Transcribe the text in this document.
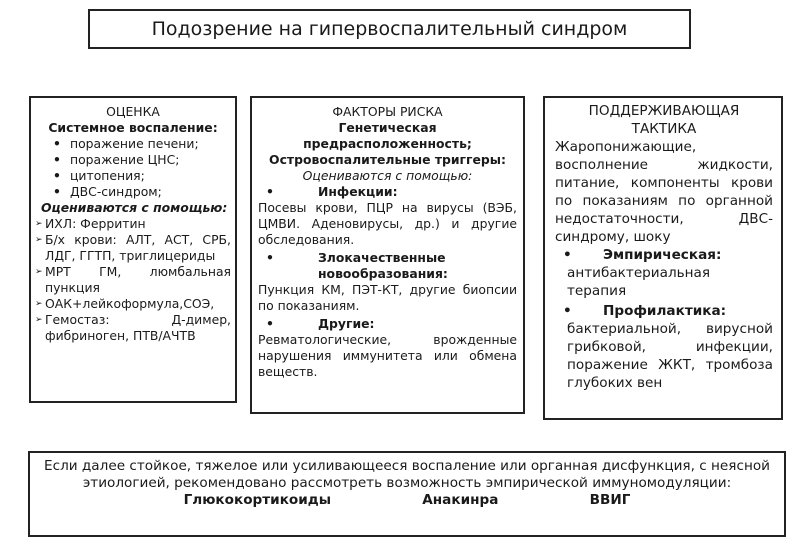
Подозрение на гипервоспалительный синдром
ОЦЕНКА
Системное воспаление:
• поражение печени;
• поражение ЦНС;
• цитопения;
• ДВС-синдром;
Оцениваются с помощью:
➢ ИХЛ: Ферритин
➢ Б/х крови: АЛТ, АСТ, СРБ, ЛДГ, ГГТП, триглицериды
➢ МРТ ГМ, люмбальная пункция
➢ ОАК+лейкоформула,СОЭ,
➢ Гемостаз: Д-димер, фибриноген, ПТВ/АЧТВ
ФАКТОРЫ РИСКА
Генетическая предрасположенность;
Островоспалительные триггеры:
Оцениваются с помощью:
• Инфекции:
Посевы крови, ПЦР на вирусы (ВЭБ, ЦМВИ. Аденовирусы, др.) и другие обследования.
• Злокачественные новообразования:
Пункция КМ, ПЭТ-КТ, другие биопсии по показаниям.
• Другие:
Ревматологические, врожденные нарушения иммунитета или обмена веществ.
ПОДДЕРЖИВАЮЩАЯ ТАКТИКА
Жаропонижающие, восполнение жидкости, питание, компоненты крови по показаниям по органной недостаточности, ДВС-синдрому, шоку
• Эмпирическая:
антибактериальная терапия
• Профилактика:
бактериальной, вирусной грибковой, инфекции, поражение ЖКТ, тромбоза глубоких вен
Если далее стойкое, тяжелое или усиливающееся воспаление или органная дисфункция, с неясной этиологией, рекомендовано рассмотреть возможность эмпирической иммуномодуляции:
Глюкокортикоиды	Анакинра	ВВИГ
